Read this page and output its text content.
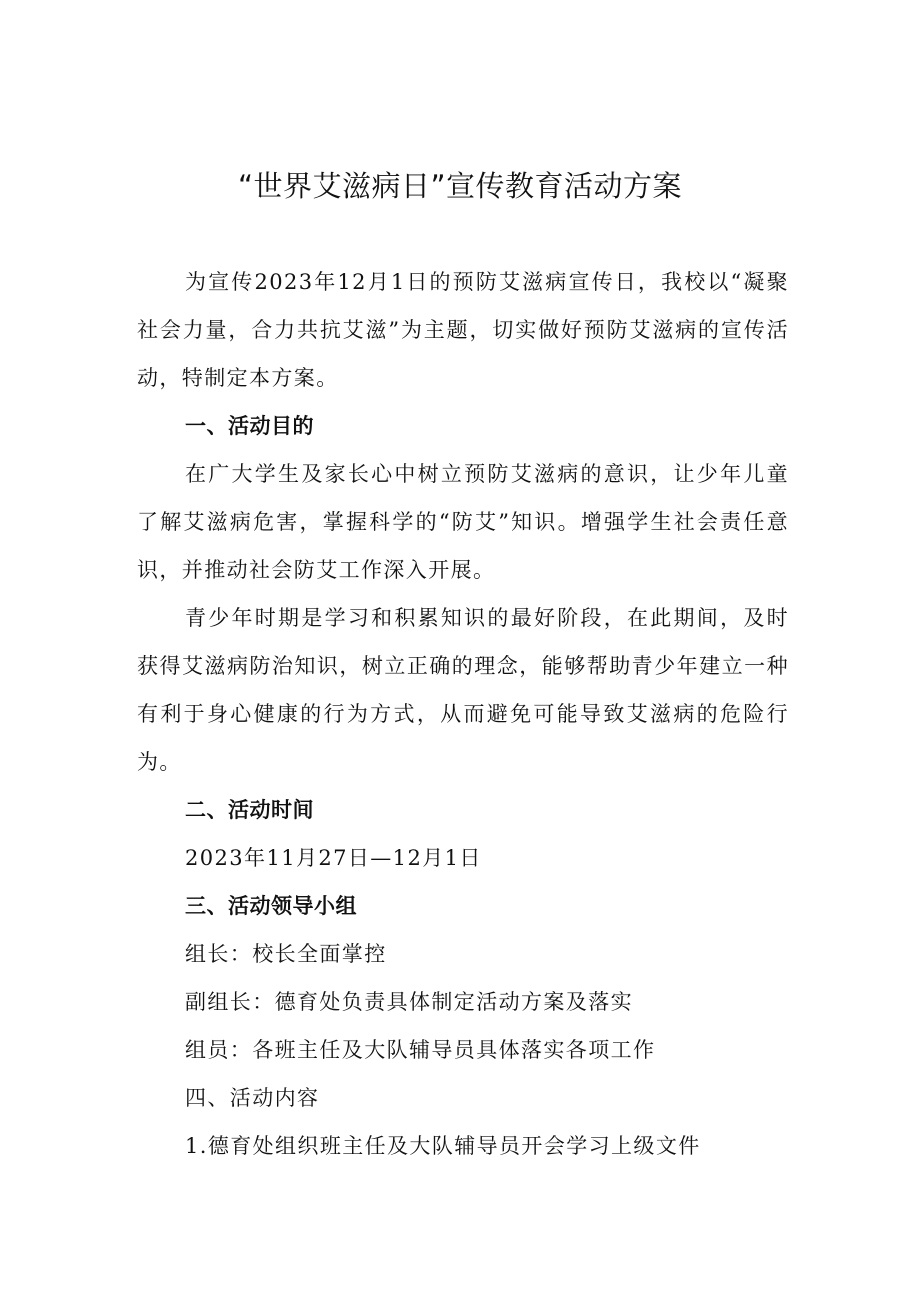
“世界艾滋病日”宣传教育活动方案

为宣传2023年12月1日的预防艾滋病宣传日，我校以“凝聚社会力量，合力共抗艾滋”为主题，切实做好预防艾滋病的宣传活动，特制定本方案。

一、活动目的

在广大学生及家长心中树立预防艾滋病的意识，让少年儿童了解艾滋病危害，掌握科学的“防艾”知识。增强学生社会责任意识，并推动社会防艾工作深入开展。

青少年时期是学习和积累知识的最好阶段，在此期间，及时获得艾滋病防治知识，树立正确的理念，能够帮助青少年建立一种有利于身心健康的行为方式，从而避免可能导致艾滋病的危险行为。

二、活动时间

2023年11月27日—12月1日

三、活动领导小组

组长：校长全面掌控

副组长：德育处负责具体制定活动方案及落实

组员：各班主任及大队辅导员具体落实各项工作

四、活动内容

1.德育处组织班主任及大队辅导员开会学习上级文件
